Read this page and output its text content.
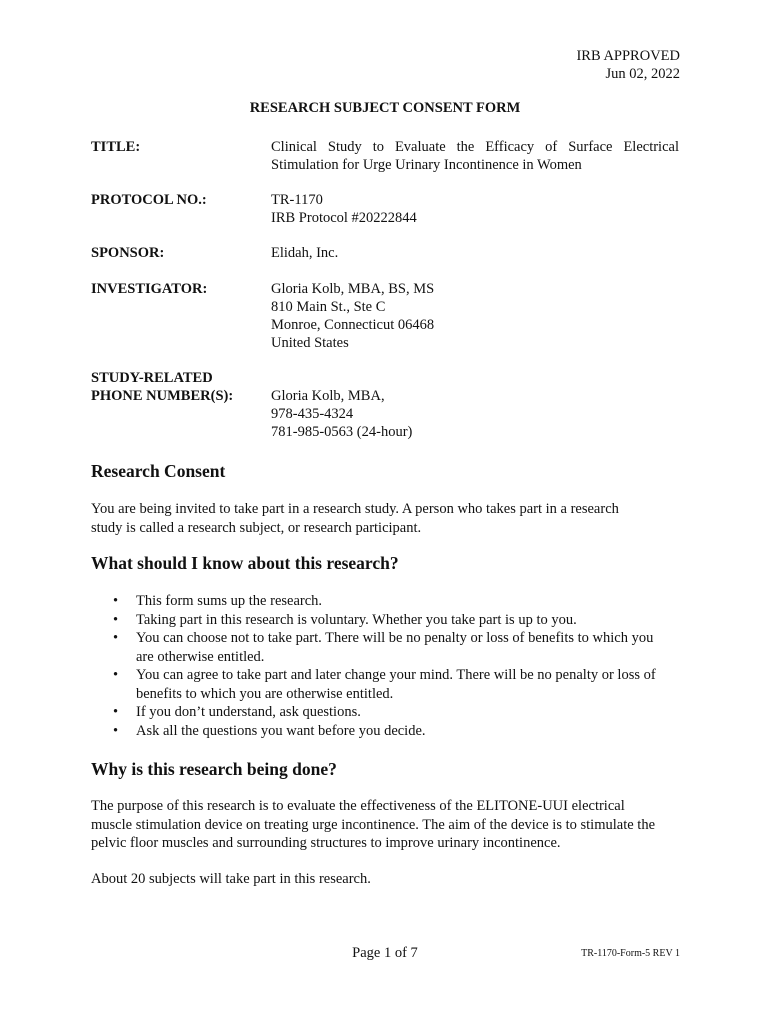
IRB APPROVED
Jun 02, 2022
RESEARCH SUBJECT CONSENT FORM
TITLE:	Clinical Study to Evaluate the Efficacy of Surface Electrical
Stimulation for Urge Urinary Incontinence in Women
PROTOCOL NO.:	TR-1170
IRB Protocol #20222844
SPONSOR:	Elidah, Inc.
INVESTIGATOR:	Gloria Kolb, MBA, BS, MS
810 Main St., Ste C
Monroe, Connecticut 06468
United States
STUDY-RELATED
PHONE NUMBER(S):	Gloria Kolb, MBA,
978-435-4324
781-985-0563 (24-hour)
Research Consent
You are being invited to take part in a research study. A person who takes part in a research
study is called a research subject, or research participant.
What should I know about this research?
• This form sums up the research.
• Taking part in this research is voluntary. Whether you take part is up to you.
• You can choose not to take part. There will be no penalty or loss of benefits to which you
are otherwise entitled.
• You can agree to take part and later change your mind. There will be no penalty or loss of
benefits to which you are otherwise entitled.
• If you don’t understand, ask questions.
• Ask all the questions you want before you decide.
Why is this research being done?
The purpose of this research is to evaluate the effectiveness of the ELITONE-UUI electrical
muscle stimulation device on treating urge incontinence. The aim of the device is to stimulate the
pelvic floor muscles and surrounding structures to improve urinary incontinence.
About 20 subjects will take part in this research.
Page 1 of 7	TR-1170-Form-5 REV 1
